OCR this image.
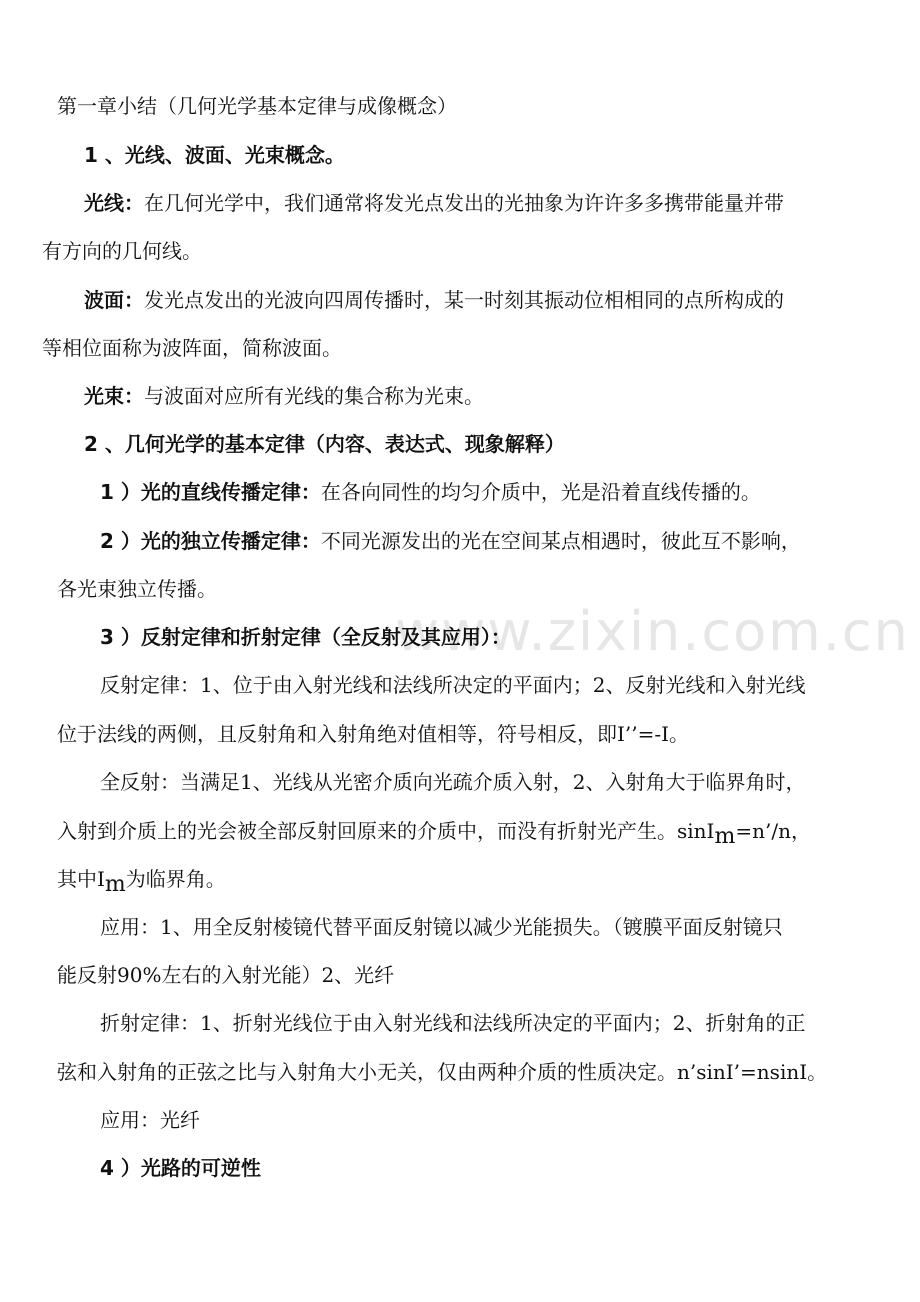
www.zixin.com.cn
第一章小结（几何光学基本定律与成像概念）
1 、光线、波面、光束概念。
光线：在几何光学中，我们通常将发光点发出的光抽象为许许多多携带能量并带
有方向的几何线。
波面：发光点发出的光波向四周传播时，某一时刻其振动位相相同的点所构成的
等相位面称为波阵面，简称波面。
光束：与波面对应所有光线的集合称为光束。
2 、几何光学的基本定律（内容、表达式、现象解释）
1 ）光的直线传播定律：在各向同性的均匀介质中，光是沿着直线传播的。
2 ）光的独立传播定律：不同光源发出的光在空间某点相遇时，彼此互不影响，
各光束独立传播。
3 ）反射定律和折射定律（全反射及其应用）：
反射定律：1、位于由入射光线和法线所决定的平面内；2、反射光线和入射光线
位于法线的两侧，且反射角和入射角绝对值相等，符号相反，即I’’=-I。
全反射：当满足1、光线从光密介质向光疏介质入射，2、入射角大于临界角时，
入射到介质上的光会被全部反射回原来的介质中，而没有折射光产生。sinIm=n’/n，
其中Im为临界角。
应用：1、用全反射棱镜代替平面反射镜以减少光能损失。（镀膜平面反射镜只
能反射90%左右的入射光能）2、光纤
折射定律：1、折射光线位于由入射光线和法线所决定的平面内；2、折射角的正
弦和入射角的正弦之比与入射角大小无关，仅由两种介质的性质决定。n’sinI’=nsinI。
应用：光纤
4 ）光路的可逆性
